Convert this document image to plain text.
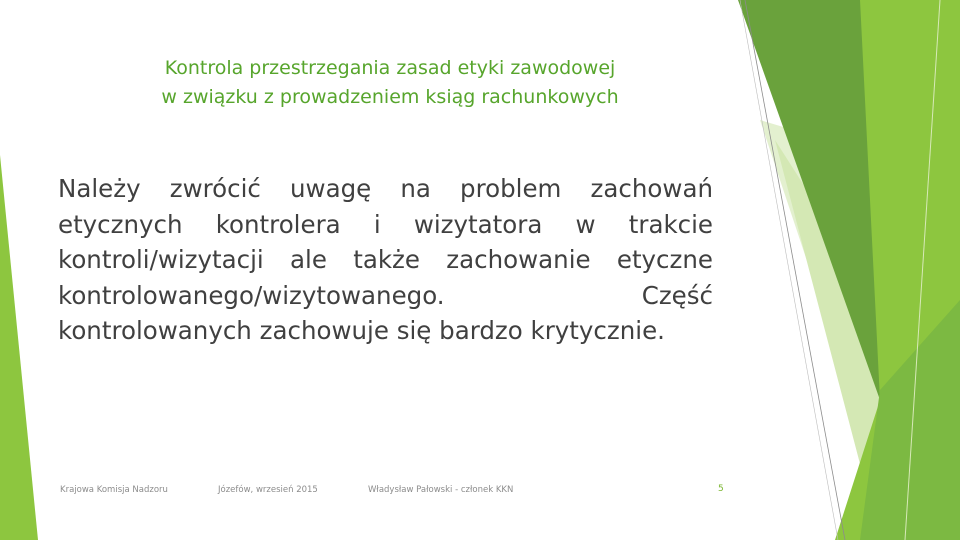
Kontrola przestrzegania zasad etyki zawodowej
w związku z prowadzeniem ksiąg rachunkowych
Należy zwrócić uwagę na problem zachowań etycznych kontrolera i wizytatora w trakcie kontroli/wizytacji ale także zachowanie etyczne kontrolowanego/wizytowanego. Część kontrolowanych zachowuje się bardzo krytycznie.
Krajowa Komisja Nadzoru	Józefów, wrzesień 2015	Władysław Pałowski - członek KKN	5
